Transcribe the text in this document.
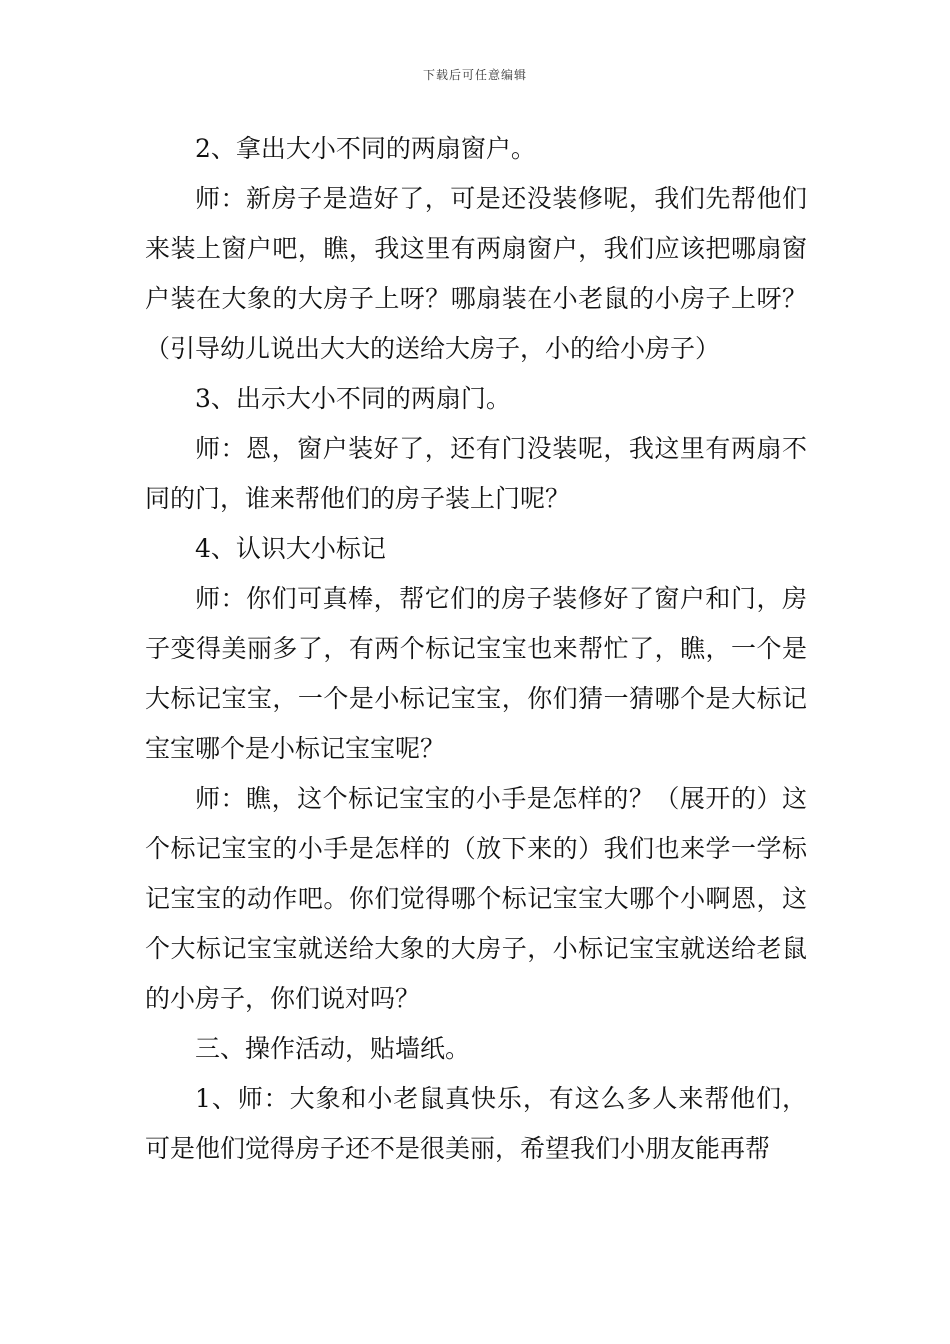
下载后可任意编辑

2、拿出大小不同的两扇窗户。

师：新房子是造好了，可是还没装修呢，我们先帮他们来装上窗户吧，瞧，我这里有两扇窗户，我们应该把哪扇窗户装在大象的大房子上呀？哪扇装在小老鼠的小房子上呀？（引导幼儿说出大大的送给大房子，小的给小房子）

3、出示大小不同的两扇门。

师：恩，窗户装好了，还有门没装呢，我这里有两扇不同的门，谁来帮他们的房子装上门呢？

4、认识大小标记

师：你们可真棒，帮它们的房子装修好了窗户和门，房子变得美丽多了，有两个标记宝宝也来帮忙了，瞧，一个是大标记宝宝，一个是小标记宝宝，你们猜一猜哪个是大标记宝宝哪个是小标记宝宝呢？

师：瞧，这个标记宝宝的小手是怎样的？（展开的）这个标记宝宝的小手是怎样的（放下来的）我们也来学一学标记宝宝的动作吧。你们觉得哪个标记宝宝大哪个小啊恩，这个大标记宝宝就送给大象的大房子，小标记宝宝就送给老鼠的小房子，你们说对吗？

三、操作活动，贴墙纸。

1、师：大象和小老鼠真快乐，有这么多人来帮他们，可是他们觉得房子还不是很美丽，希望我们小朋友能再帮
